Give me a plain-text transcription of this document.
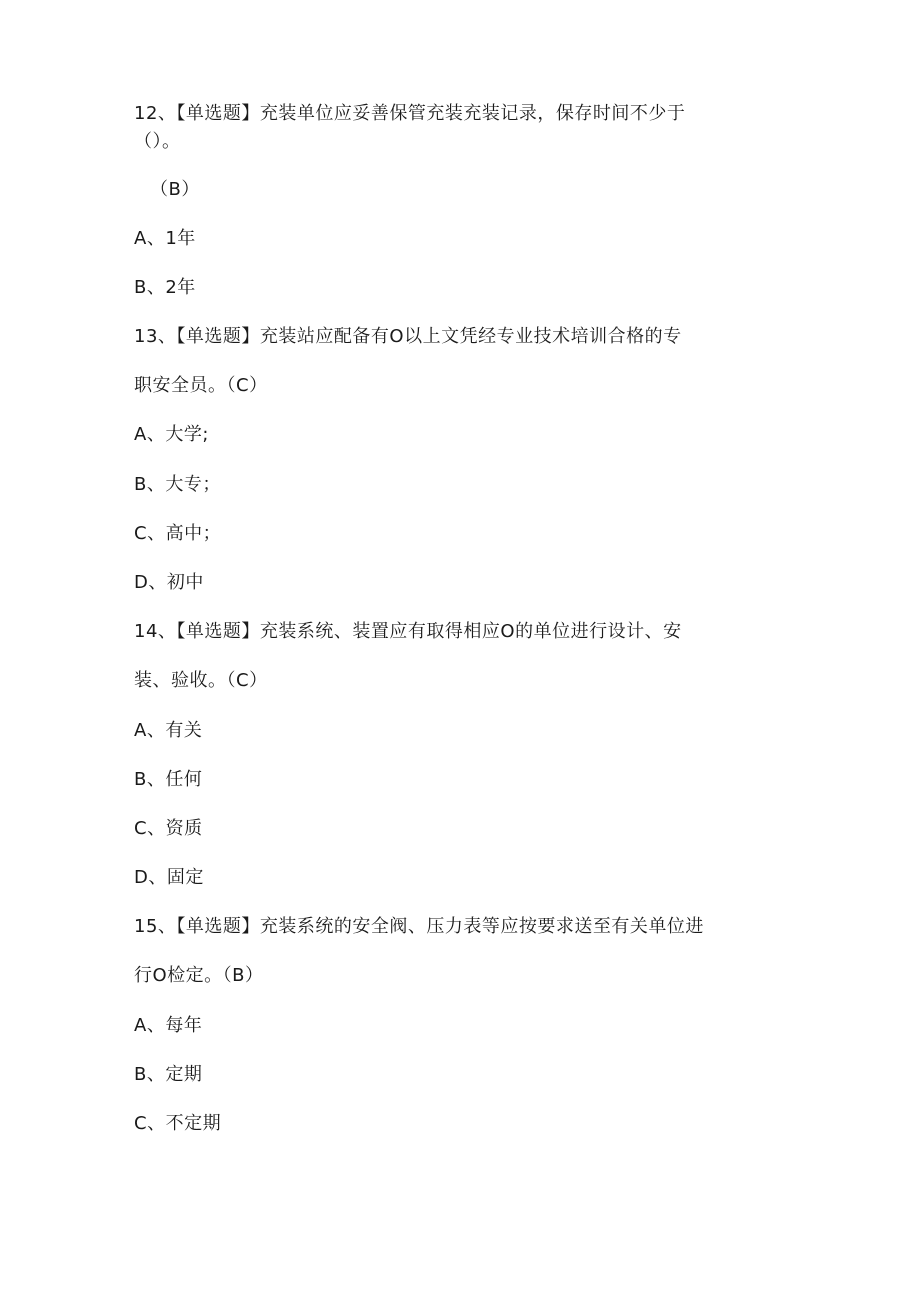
12、【单选题】充装单位应妥善保管充装充装记录，保存时间不少于
（）。
（B）
A、1年
B、2年
13、【单选题】充装站应配备有O以上文凭经专业技术培训合格的专
职安全员。（C）
A、大学;
B、大专；
C、高中；
D、初中
14、【单选题】充装系统、装置应有取得相应O的单位进行设计、安
装、验收。（C）
A、有关
B、任何
C、资质
D、固定
15、【单选题】充装系统的安全阀、压力表等应按要求送至有关单位进
行O检定。（B）
A、每年
B、定期
C、不定期
